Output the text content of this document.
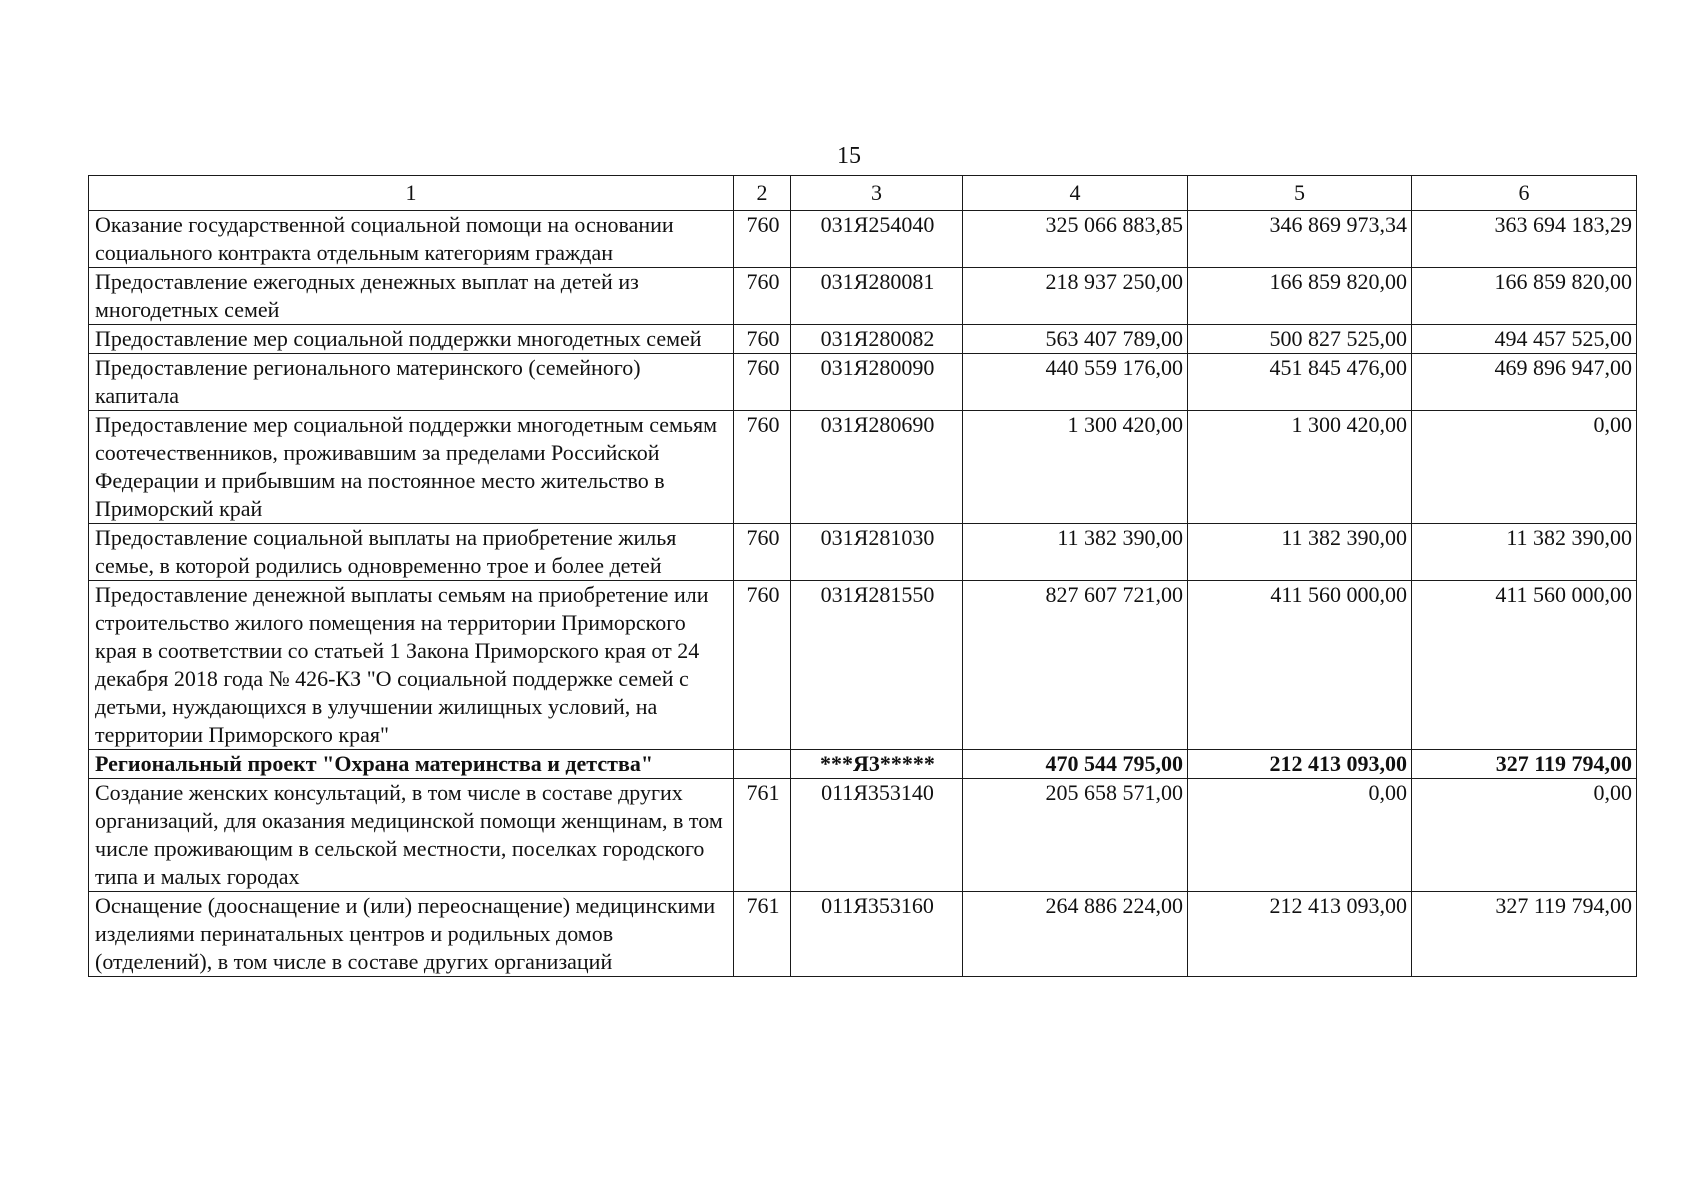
15
1	2	3	4	5	6
Оказание государственной социальной помощи на основании социального контракта отдельным категориям граждан	760	031Я254040	325 066 883,85	346 869 973,34	363 694 183,29
Предоставление ежегодных денежных выплат на детей из многодетных семей	760	031Я280081	218 937 250,00	166 859 820,00	166 859 820,00
Предоставление мер социальной поддержки многодетных семей	760	031Я280082	563 407 789,00	500 827 525,00	494 457 525,00
Предоставление регионального материнского (семейного) капитала	760	031Я280090	440 559 176,00	451 845 476,00	469 896 947,00
Предоставление мер социальной поддержки многодетным семьям соотечественников, проживавшим за пределами Российской Федерации и прибывшим на постоянное место жительство в Приморский край	760	031Я280690	1 300 420,00	1 300 420,00	0,00
Предоставление социальной выплаты на приобретение жилья семье, в которой родились одновременно трое и более детей	760	031Я281030	11 382 390,00	11 382 390,00	11 382 390,00
Предоставление денежной выплаты семьям на приобретение или строительство жилого помещения на территории Приморского края в соответствии со статьей 1 Закона Приморского края от 24 декабря 2018 года № 426-КЗ "О социальной поддержке семей с детьми, нуждающихся в улучшении жилищных условий, на территории Приморского края"	760	031Я281550	827 607 721,00	411 560 000,00	411 560 000,00
Региональный проект "Охрана материнства и детства"		***Я3*****	470 544 795,00	212 413 093,00	327 119 794,00
Создание женских консультаций, в том числе в составе других организаций, для оказания медицинской помощи женщинам, в том числе проживающим в сельской местности, поселках городского типа и малых городах	761	011Я353140	205 658 571,00	0,00	0,00
Оснащение (дооснащение и (или) переоснащение) медицинскими изделиями перинатальных центров и родильных домов (отделений), в том числе в составе других организаций	761	011Я353160	264 886 224,00	212 413 093,00	327 119 794,00
